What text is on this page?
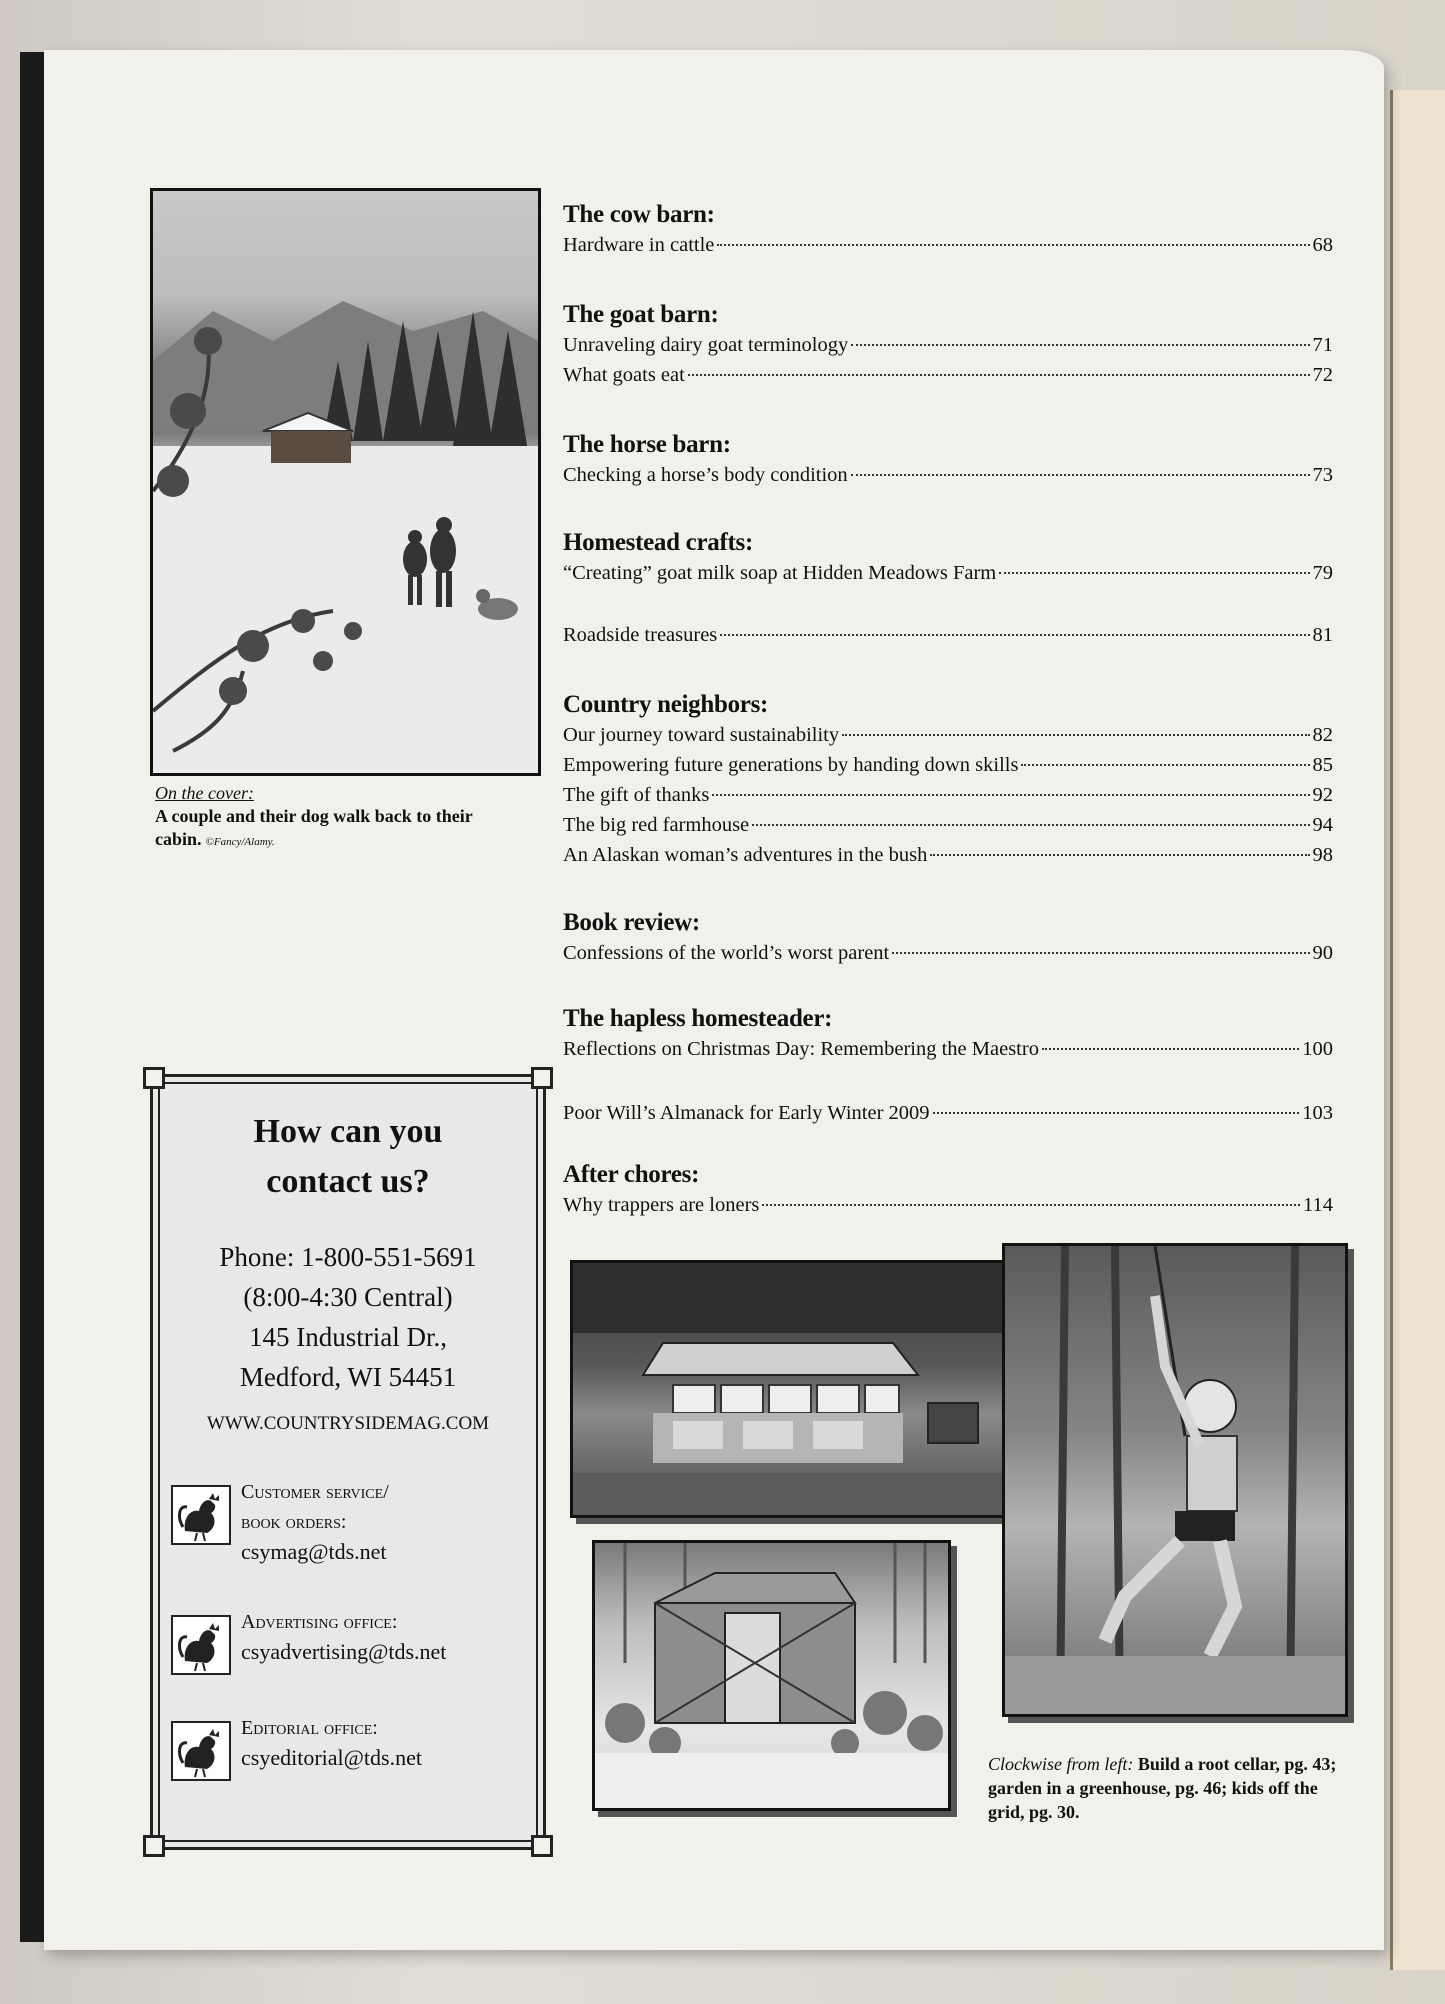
On the cover:
A couple and their dog walk back to their cabin. ©Fancy/Alamy.
The cow barn:
Hardware in cattle	68
The goat barn:
Unraveling dairy goat terminology	71
What goats eat	72
The horse barn:
Checking a horse’s body condition	73
Homestead crafts:
“Creating” goat milk soap at Hidden Meadows Farm	79
Roadside treasures	81
Country neighbors:
Our journey toward sustainability	82
Empowering future generations by handing down skills	85
The gift of thanks	92
The big red farmhouse	94
An Alaskan woman’s adventures in the bush	98
Book review:
Confessions of the world’s worst parent	90
The hapless homesteader:
Reflections on Christmas Day: Remembering the Maestro	100
Poor Will’s Almanack for Early Winter 2009	103
After chores:
Why trappers are loners	114
How can you
contact us?
Phone: 1-800-551-5691
(8:00-4:30 Central)
145 Industrial Dr.,
Medford, WI 54451
WWW.COUNTRYSIDEMAG.COM
Customer service/
book orders:
csymag@tds.net
Advertising office:
csyadvertising@tds.net
Editorial office:
csyeditorial@tds.net	Clockwise from left: Build a root cellar, pg. 43; garden in a greenhouse, pg. 46; kids off the grid, pg. 30.
